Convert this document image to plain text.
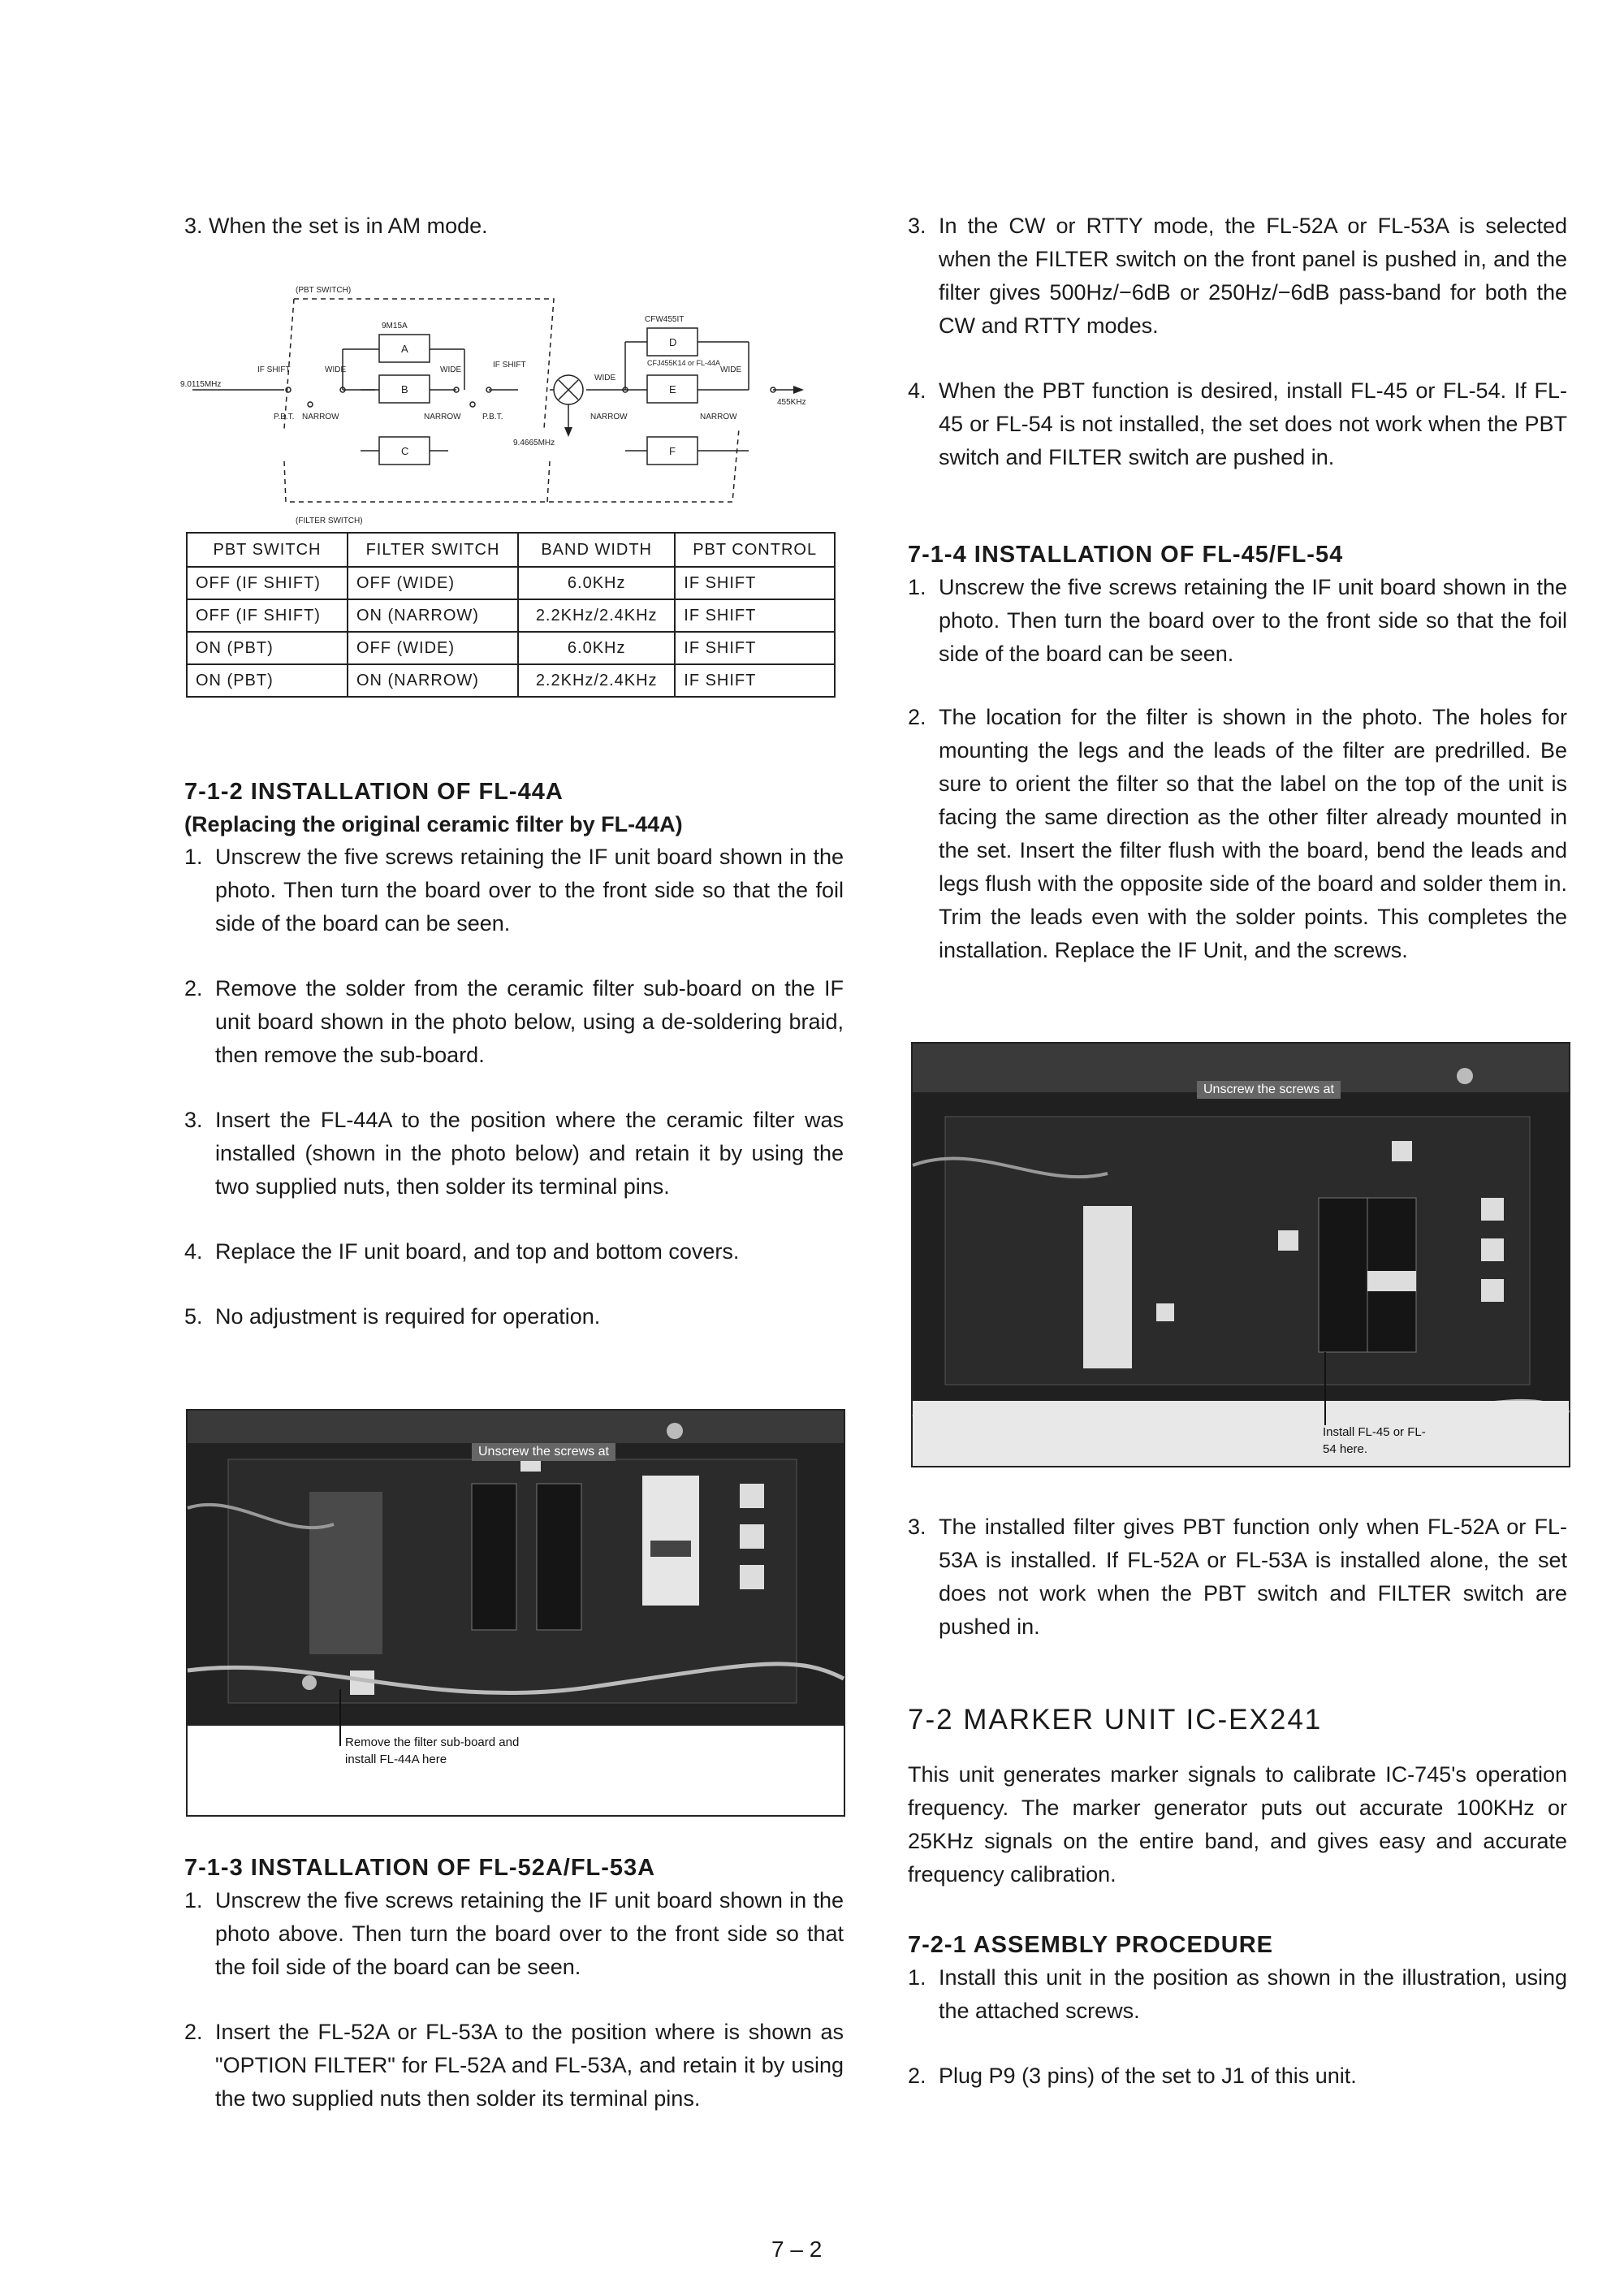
3. When the set is in AM mode.

(PBT SWITCH)
(FILTER SWITCH)
9.0115MHz
IF SHIFT
P.B.T.
WIDE
NARROW
WIDE
NARROW
9M15A
A
B
C
IF SHIFT
P.B.T.
9.4665MHz
WIDE
NARROW
CFW455IT
CFJ455K14 or FL-44A
D
E
F
WIDE
NARROW
455KHz
PBT SWITCH	FILTER SWITCH	BAND WIDTH	PBT CONTROL
OFF (IF SHIFT)	OFF (WIDE)	6.0KHz	IF SHIFT
OFF (IF SHIFT)	ON (NARROW)	2.2KHz/2.4KHz	IF SHIFT
ON (PBT)	OFF (WIDE)	6.0KHz	IF SHIFT
ON (PBT)	ON (NARROW)	2.2KHz/2.4KHz	IF SHIFT

7-1-2 INSTALLATION OF FL-44A

(Replacing the original ceramic filter by FL-44A)

1. Unscrew the five screws retaining the IF unit board shown in the photo. Then turn the board over to the front side so that the foil side of the board can be seen.
2. Remove the solder from the ceramic filter sub-board on the IF unit board shown in the photo below, using a de-soldering braid, then remove the sub-board.
3. Insert the FL-44A to the position where the ceramic filter was installed (shown in the photo below) and retain it by using the two supplied nuts, then solder its terminal pins.
4. Replace the IF unit board, and top and bottom covers.
5. No adjustment is required for operation.
Unscrew the screws at
Remove the filter sub-board and install FL-44A here

7-1-3 INSTALLATION OF FL-52A/FL-53A

1. Unscrew the five screws retaining the IF unit board shown in the photo above. Then turn the board over to the front side so that the foil side of the board can be seen.
2. Insert the FL-52A or FL-53A to the position where is shown as "OPTION FILTER" for FL-52A and FL-53A, and retain it by using the two supplied nuts then solder its terminal pins.
3. In the CW or RTTY mode, the FL-52A or FL-53A is selected when the FILTER switch on the front panel is pushed in, and the filter gives 500Hz/−6dB or 250Hz/−6dB pass-band for both the CW and RTTY modes.
4. When the PBT function is desired, install FL-45 or FL-54. If FL-45 or FL-54 is not installed, the set does not work when the PBT switch and FILTER switch are pushed in.

7-1-4 INSTALLATION OF FL-45/FL-54

1. Unscrew the five screws retaining the IF unit board shown in the photo. Then turn the board over to the front side so that the foil side of the board can be seen.
2. The location for the filter is shown in the photo. The holes for mounting the legs and the leads of the filter are predrilled. Be sure to orient the filter so that the label on the top of the unit is facing the same direction as the other filter already mounted in the set. Insert the filter flush with the board, bend the leads and legs flush with the opposite side of the board and solder them in. Trim the leads even with the solder points. This completes the installation. Replace the IF Unit, and the screws.
Unscrew the screws at
Install FL-45 or FL-54 here.
3. The installed filter gives PBT function only when FL-52A or FL-53A is installed. If FL-52A or FL-53A is installed alone, the set does not work when the PBT switch and FILTER switch are pushed in.

7-2 MARKER UNIT IC-EX241

This unit generates marker signals to calibrate IC-745's operation frequency. The marker generator puts out accurate 100KHz or 25KHz signals on the entire band, and gives easy and accurate frequency calibration.

7-2-1 ASSEMBLY PROCEDURE

1. Install this unit in the position as shown in the illustration, using the attached screws.
2. Plug P9 (3 pins) of the set to J1 of this unit.
7 – 2
